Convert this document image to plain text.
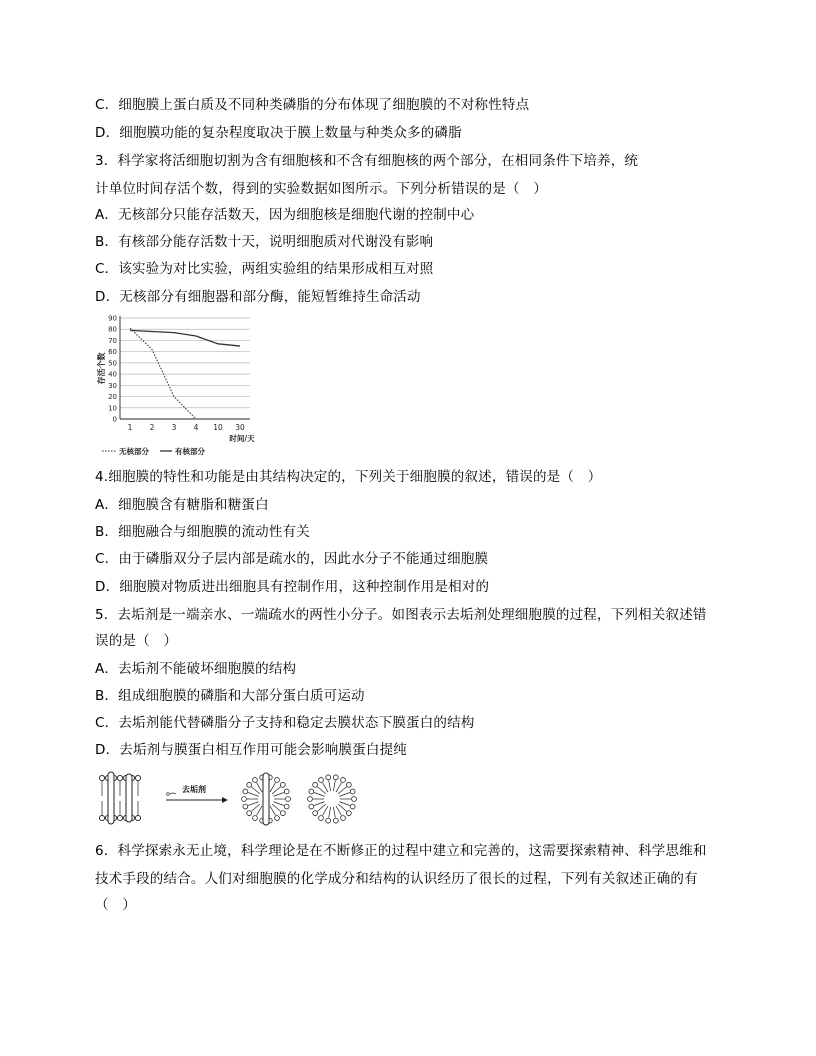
C．细胞膜上蛋白质及不同种类磷脂的分布体现了细胞膜的不对称性特点
D．细胞膜功能的复杂程度取决于膜上数量与种类众多的磷脂
3．科学家将活细胞切割为含有细胞核和不含有细胞核的两个部分，在相同条件下培养，统
计单位时间存活个数，得到的实验数据如图所示。下列分析错误的是（　）
A．无核部分只能存活数天，因为细胞核是细胞代谢的控制中心
B．有核部分能存活数十天，说明细胞质对代谢没有影响
C．该实验为对比实验，两组实验组的结果形成相互对照
D．无核部分有细胞器和部分酶，能短暂维持生命活动
4.细胞膜的特性和功能是由其结构决定的，下列关于细胞膜的叙述，错误的是（　）
A．细胞膜含有糖脂和糖蛋白
B．细胞融合与细胞膜的流动性有关
C．由于磷脂双分子层内部是疏水的，因此水分子不能通过细胞膜
D．细胞膜对物质进出细胞具有控制作用，这种控制作用是相对的
5．去垢剂是一端亲水、一端疏水的两性小分子。如图表示去垢剂处理细胞膜的过程，下列相关叙述错
误的是（　）
A．去垢剂不能破坏细胞膜的结构
B．组成细胞膜的磷脂和大部分蛋白质可运动
C．去垢剂能代替磷脂分子支持和稳定去膜状态下膜蛋白的结构
D．去垢剂与膜蛋白相互作用可能会影响膜蛋白提纯
6．科学探索永无止境，科学理论是在不断修正的过程中建立和完善的，这需要探索精神、科学思维和
技术手段的结合。人们对细胞膜的化学成分和结构的认识经历了很长的过程，下列有关叙述正确的有
（　）
0
10
20
30
40
50
60
70
80
90
存活个数
1 2 3 4 10 30
时间/天
无核部分	有核部分
去垢剂
